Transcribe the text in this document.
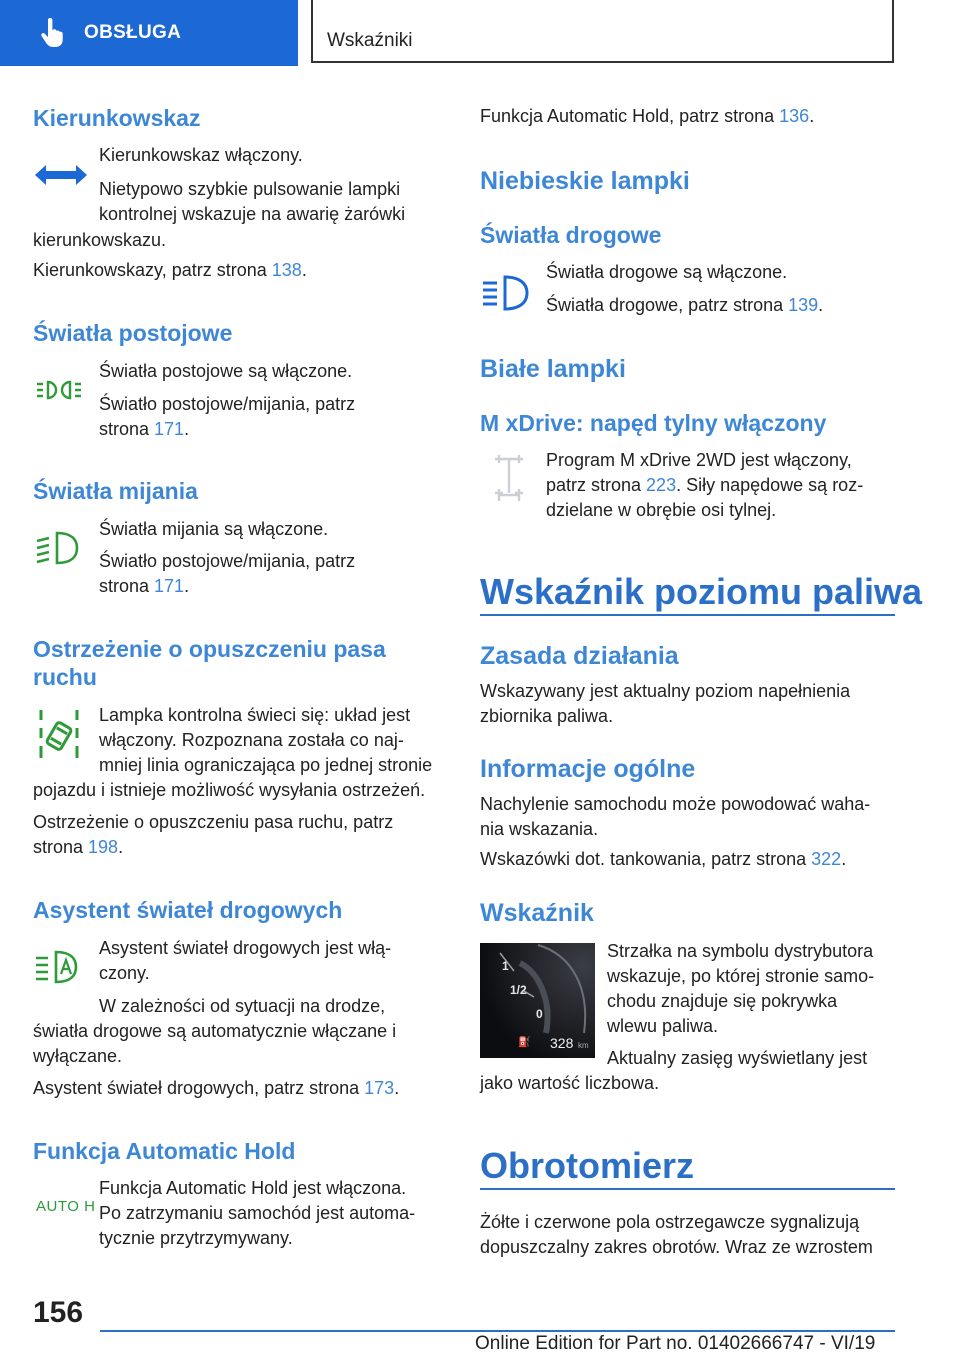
OBSŁUGA	Wskaźniki
Kierunkowskaz
Kierunkowskaz włączony.
Nietypowo szybkie pulsowanie lampki
kontrolnej wskazuje na awarię żarówki
kierunkowskazu.
Kierunkowskazy, patrz strona 138.
Światła postojowe
Światła postojowe są włączone.
Światło postojowe/mijania, patrz
strona 171.
Światła mijania
Światła mijania są włączone.
Światło postojowe/mijania, patrz
strona 171.
Ostrzeżenie o opuszczeniu pasa
ruchu
Lampka kontrolna świeci się: układ jest
włączony. Rozpoznana została co naj-
mniej linia ograniczająca po jednej stronie
pojazdu i istnieje możliwość wysyłania ostrzeżeń.
Ostrzeżenie o opuszczeniu pasa ruchu, patrz
strona 198.
Asystent świateł drogowych
Asystent świateł drogowych jest włą-
czony.
W zależności od sytuacji na drodze,
światła drogowe są automatycznie włączane i
wyłączane.
Asystent świateł drogowych, patrz strona 173.
Funkcja Automatic Hold
AUTO H
Funkcja Automatic Hold jest włączona.
Po zatrzymaniu samochód jest automa-
tycznie przytrzymywany.
Funkcja Automatic Hold, patrz strona 136.
Niebieskie lampki
Światła drogowe
Światła drogowe są włączone.
Światła drogowe, patrz strona 139.
Białe lampki
M xDrive: napęd tylny włączony
Program M xDrive 2WD jest włączony,
patrz strona 223. Siły napędowe są roz-
dzielane w obrębie osi tylnej.
Wskaźnik poziomu paliwa
Zasada działania
Wskazywany jest aktualny poziom napełnienia
zbiornika paliwa.
Informacje ogólne
Nachylenie samochodu może powodować waha-
nia wskazania.
Wskazówki dot. tankowania, patrz strona 322.
Wskaźnik
1
1/2
0
⛽ 328 km
Strzałka na symbolu dystrybutora
wskazuje, po której stronie samo-
chodu znajduje się pokrywka
wlewu paliwa.
Aktualny zasięg wyświetlany jest
jako wartość liczbowa.
Obrotomierz
Żółte i czerwone pola ostrzegawcze sygnalizują
dopuszczalny zakres obrotów. Wraz ze wzrostem
156
Online Edition for Part no. 01402666747 - VI/19
